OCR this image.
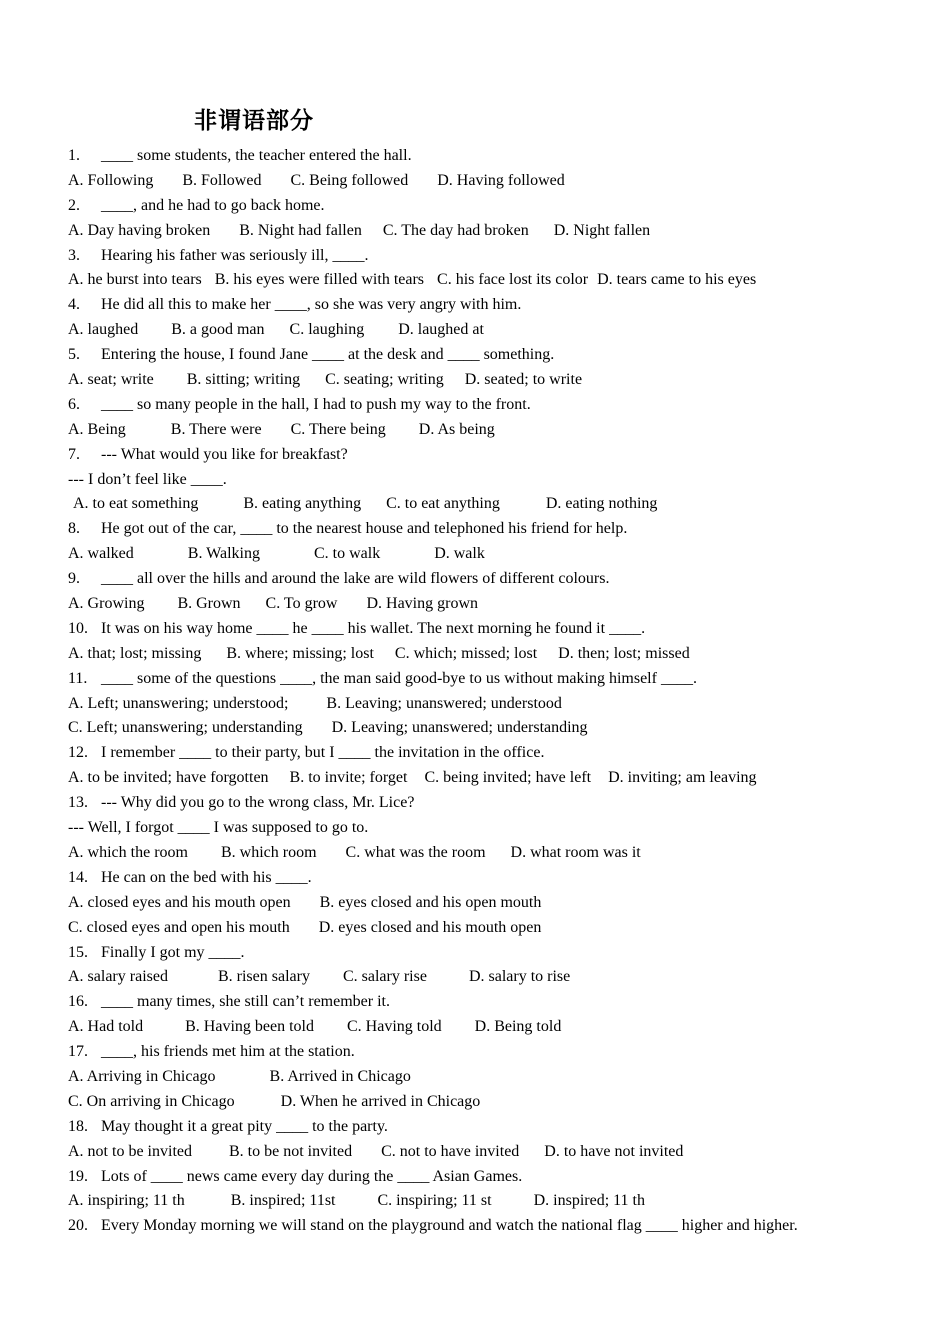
非谓语部分
1. ____ some students, the teacher entered the hall.
A. Following B. Followed C. Being followed D. Having followed
2. ____, and he had to go back home.
A. Day having broken B. Night had fallen C. The day had broken D. Night fallen
3. Hearing his father was seriously ill, ____.
A. he burst into tears B. his eyes were filled with tears C. his face lost its color D. tears came to his eyes
4. He did all this to make her ____, so she was very angry with him.
A. laughed B. a good man C. laughing D. laughed at
5. Entering the house, I found Jane ____ at the desk and ____ something.
A. seat; write B. sitting; writing C. seating; writing D. seated; to write
6. ____ so many people in the hall, I had to push my way to the front.
A. Being	B. There were C. There being D. As being
7. --- What would you like for breakfast?
--- I don’t feel like ____.
A. to eat something	B. eating anything C. to eat anything	D. eating nothing
8. He got out of the car, ____ to the nearest house and telephoned his friend for help.
A. walked	B. Walking	C. to walk	D. walk
9. ____ all over the hills and around the lake are wild flowers of different colours.
A. Growing B. Grown C. To grow D. Having grown
10. It was on his way home ____ he ____ his wallet. The next morning he found it ____.
A. that; lost; missing B. where; missing; lost C. which; missed; lost D. then; lost; missed
11. ____ some of the questions ____, the man said good-bye to us without making himself ____.
A. Left; unanswering; understood; B. Leaving; unanswered; understood
C. Left; unanswering; understanding D. Leaving; unanswered; understanding
12. I remember ____ to their party, but I ____ the invitation in the office.
A. to be invited; have forgotten B. to invite; forget C. being invited; have left D. inviting; am leaving
13. --- Why did you go to the wrong class, Mr. Lice?
--- Well, I forgot ____ I was supposed to go to.
A. which the room B. which room C. what was the room D. what room was it
14. He can on the bed with his ____.
A. closed eyes and his mouth open B. eyes closed and his open mouth
C. closed eyes and open his mouth D. eyes closed and his mouth open
15. Finally I got my ____.
A. salary raised	B. risen salary C. salary rise	D. salary to rise
16. ____ many times, she still can’t remember it.
A. Had told	B. Having been told C. Having told D. Being told
17. ____, his friends met him at the station.
A. Arriving in Chicago	B. Arrived in Chicago
C. On arriving in Chicago	D. When he arrived in Chicago
18. May thought it a great pity ____ to the party.
A. not to be invited B. to be not invited C. not to have invited D. to have not invited
19. Lots of ____ news came every day during the ____ Asian Games.
A. inspiring; 11 th	B. inspired; 11st	C. inspiring; 11 st	D. inspired; 11 th
20. Every Monday morning we will stand on the playground and watch the national flag ____ higher and higher.
